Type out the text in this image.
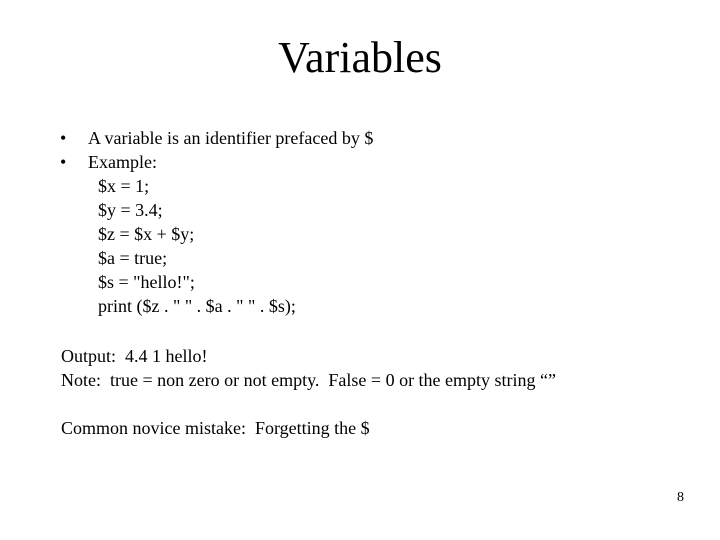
Variables
• A variable is an identifier prefaced by $
• Example:
$x = 1;
$y = 3.4;
$z = $x + $y;
$a = true;
$s = "hello!";
print ($z . " " . $a . " " . $s);
Output:  4.4 1 hello!
Note:  true = non zero or not empty.  False = 0 or the empty string “”
Common novice mistake:  Forgetting the $
8
